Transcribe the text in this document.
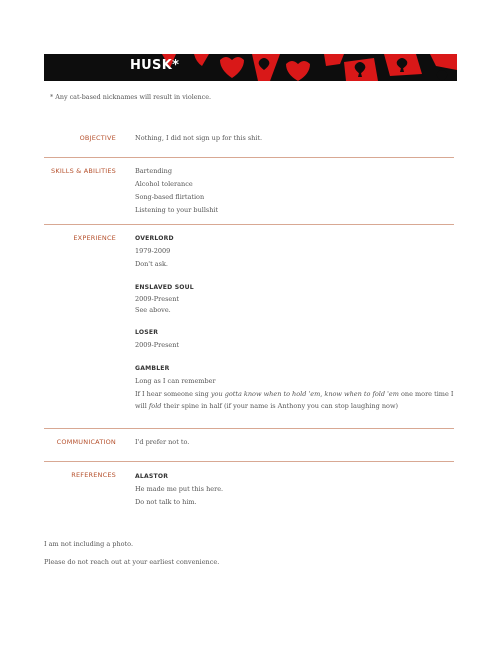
HUSK*
* Any cat-based nicknames will result in violence.
OBJECTIVE	Nothing, I did not sign up for this shit.
SKILLS & ABILITIES	Bartending
Alcohol tolerance
Song-based flirtation
Listening to your bullshit
EXPERIENCE	OVERLORD
1979-2009
Don't ask.
ENSLAVED SOUL
2009-Present
See above.
LOSER
2009-Present
GAMBLER
Long as I can remember
If I hear someone sing you gotta know when to hold 'em, know when to fold 'em one more time I will fold their spine in half (if your name is Anthony you can stop laughing now)
COMMUNICATION	I'd prefer not to.
REFERENCES	ALASTOR
He made me put this here.
Do not talk to him.
I am not including a photo.
Please do not reach out at your earliest convenience.
